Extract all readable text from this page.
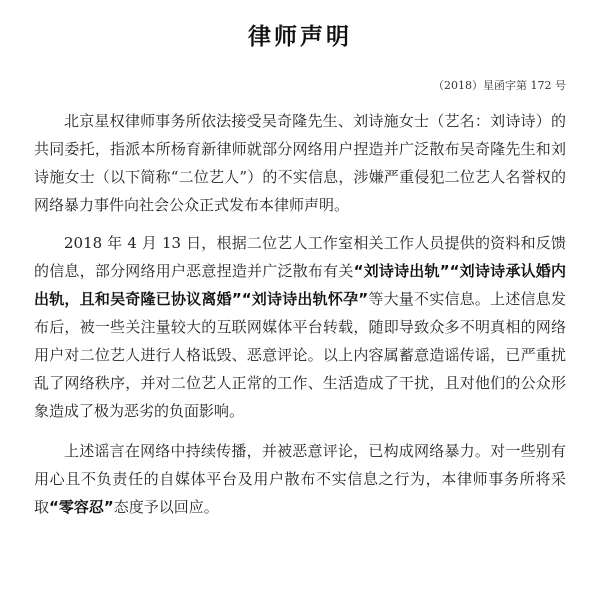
律师声明
（2018）星函字第 172 号

北京星权律师事务所依法接受吴奇隆先生、刘诗施女士（艺名：刘诗诗）的共同委托，指派本所杨育新律师就部分网络用户捏造并广泛散布吴奇隆先生和刘诗施女士（以下简称“二位艺人”）的不实信息，涉嫌严重侵犯二位艺人名誉权的网络暴力事件向社会公众正式发布本律师声明。

2018 年 4 月 13 日，根据二位艺人工作室相关工作人员提供的资料和反馈的信息，部分网络用户恶意捏造并广泛散布有关“刘诗诗出轨”“刘诗诗承认婚内出轨，且和吴奇隆已协议离婚”“刘诗诗出轨怀孕”等大量不实信息。上述信息发布后，被一些关注量较大的互联网媒体平台转载，随即导致众多不明真相的网络用户对二位艺人进行人格诋毁、恶意评论。以上内容属蓄意造谣传谣，已严重扰乱了网络秩序，并对二位艺人正常的工作、生活造成了干扰，且对他们的公众形象造成了极为恶劣的负面影响。

上述谣言在网络中持续传播，并被恶意评论，已构成网络暴力。对一些别有用心且不负责任的自媒体平台及用户散布不实信息之行为，本律师事务所将采取“零容忍”态度予以回应。
